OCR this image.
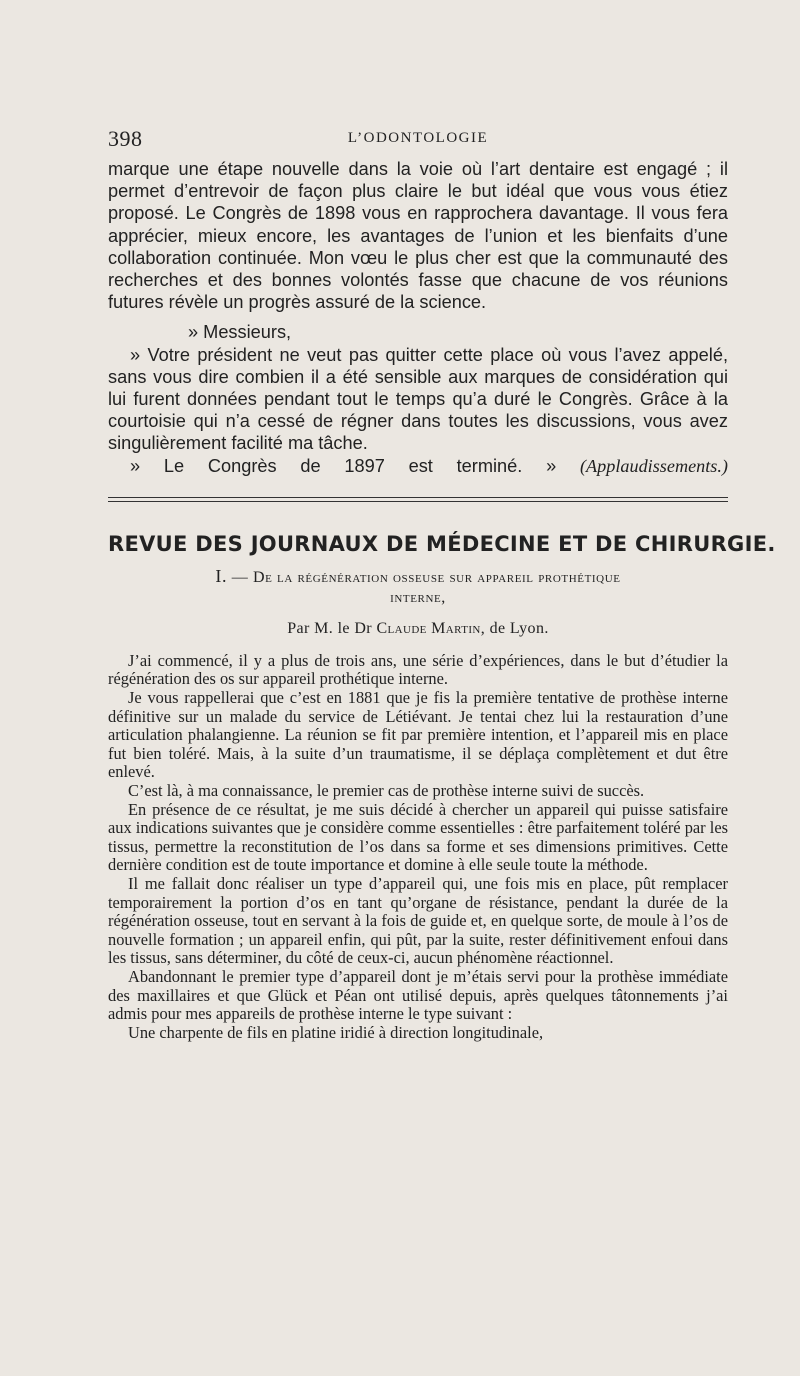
398	L’ODONTOLOGIE

marque une étape nouvelle dans la voie où l’art dentaire est engagé ; il permet d’entrevoir de façon plus claire le but idéal que vous vous étiez proposé. Le Congrès de 1898 vous en rapprochera davantage. Il vous fera apprécier, mieux encore, les avantages de l’union et les bienfaits d’une collaboration continuée. Mon vœu le plus cher est que la communauté des recherches et des bonnes volontés fasse que chacune de vos réunions futures révèle un progrès assuré de la science.

» Messieurs,

» Votre président ne veut pas quitter cette place où vous l’avez appelé, sans vous dire combien il a été sensible aux marques de considération qui lui furent données pendant tout le temps qu’a duré le Congrès. Grâce à la courtoisie qui n’a cessé de régner dans toutes les discussions, vous avez singulièrement facilité ma tâche.

» Le Congrès de 1897 est terminé. » (Applaudissements.)

REVUE DES JOURNAUX DE MÉDECINE ET DE CHIRURGIE.
I. — De la régénération osseuse sur appareil prothétique
interne,
Par M. le Dr Claude Martin, de Lyon.

J’ai commencé, il y a plus de trois ans, une série d’expériences, dans le but d’étudier la régénération des os sur appareil prothétique interne.

Je vous rappellerai que c’est en 1881 que je fis la première tentative de prothèse interne définitive sur un malade du service de Létiévant. Je tentai chez lui la restauration d’une articulation phalangienne. La réunion se fit par première intention, et l’appareil mis en place fut bien toléré. Mais, à la suite d’un traumatisme, il se déplaça complètement et dut être enlevé.

C’est là, à ma connaissance, le premier cas de prothèse interne suivi de succès.

En présence de ce résultat, je me suis décidé à chercher un appareil qui puisse satisfaire aux indications suivantes que je considère comme essentielles : être parfaitement toléré par les tissus, permettre la reconstitution de l’os dans sa forme et ses dimensions primitives. Cette dernière condition est de toute importance et domine à elle seule toute la méthode.

Il me fallait donc réaliser un type d’appareil qui, une fois mis en place, pût remplacer temporairement la portion d’os en tant qu’organe de résistance, pendant la durée de la régénération osseuse, tout en servant à la fois de guide et, en quelque sorte, de moule à l’os de nouvelle formation ; un appareil enfin, qui pût, par la suite, rester définitivement enfoui dans les tissus, sans déterminer, du côté de ceux-ci, aucun phénomène réactionnel.

Abandonnant le premier type d’appareil dont je m’étais servi pour la prothèse immédiate des maxillaires et que Glück et Péan ont utilisé depuis, après quelques tâtonnements j’ai admis pour mes appareils de prothèse interne le type suivant :

Une charpente de fils en platine iridié à direction longitudinale,
